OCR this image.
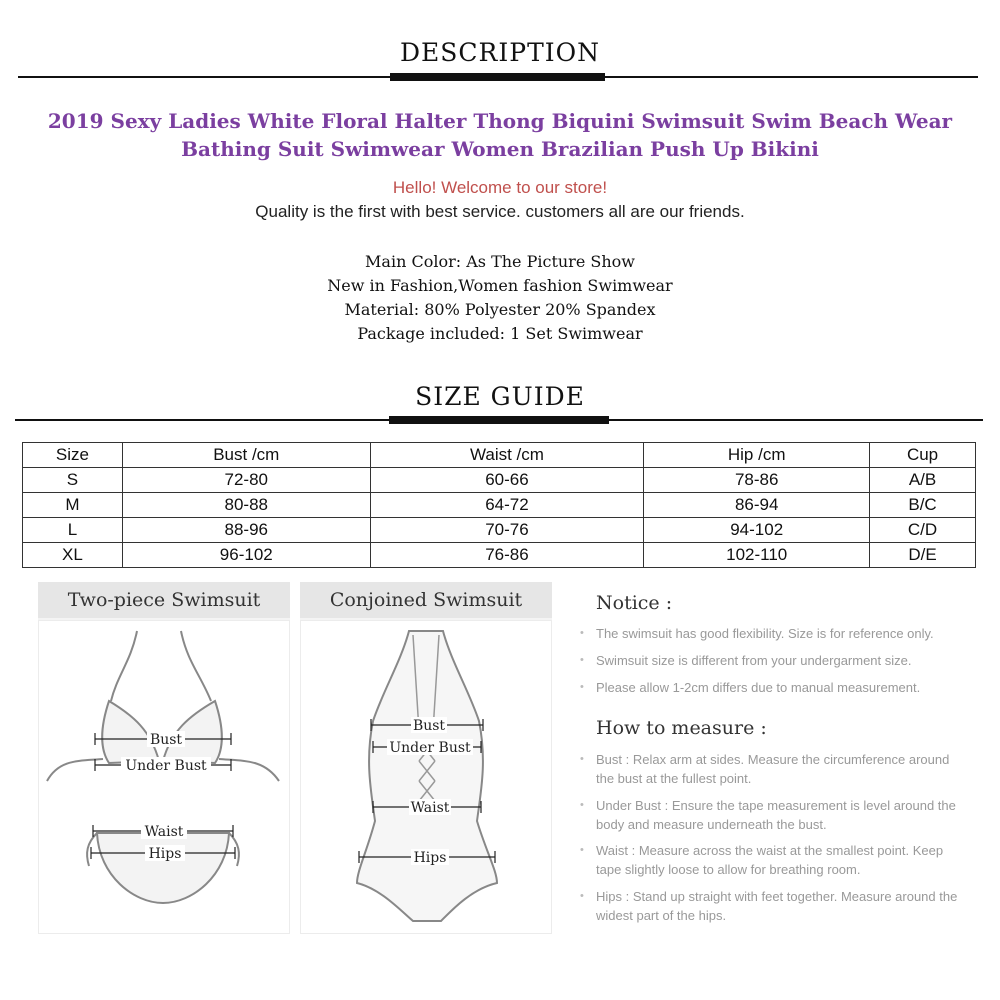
DESCRIPTION
2019 Sexy Ladies White Floral Halter Thong Biquini Swimsuit Swim Beach Wear Bathing Suit Swimwear Women Brazilian Push Up Bikini
Hello! Welcome to our store!
Quality is the first with best service. customers all are our friends.
Main Color: As The Picture Show
New in Fashion,Women fashion Swimwear
Material: 80% Polyester 20% Spandex
Package included: 1 Set Swimwear
SIZE GUIDE
Size	Bust /cm	Waist /cm	Hip /cm	Cup
S	72-80	60-66	78-86	A/B
M	80-88	64-72	86-94	B/C
L	88-96	70-76	94-102	C/D
XL	96-102	76-86	102-110	D/E
Two-piece Swimsuit
Bust
Under Bust
Waist
Hips
Conjoined Swimsuit
Bust
Under Bust
Waist
Hips
Notice :
• The swimsuit has good flexibility. Size is for reference only.
• Swimsuit size is different from your undergarment size.
• Please allow 1-2cm differs due to manual measurement.
How to measure :
• Bust : Relax arm at sides. Measure the circumference around the bust at the fullest point.
• Under Bust : Ensure the tape measurement is level around the body and measure underneath the bust.
• Waist : Measure across the waist at the smallest point. Keep tape slightly loose to allow for breathing room.
• Hips : Stand up straight with feet together. Measure around the widest part of the hips.
